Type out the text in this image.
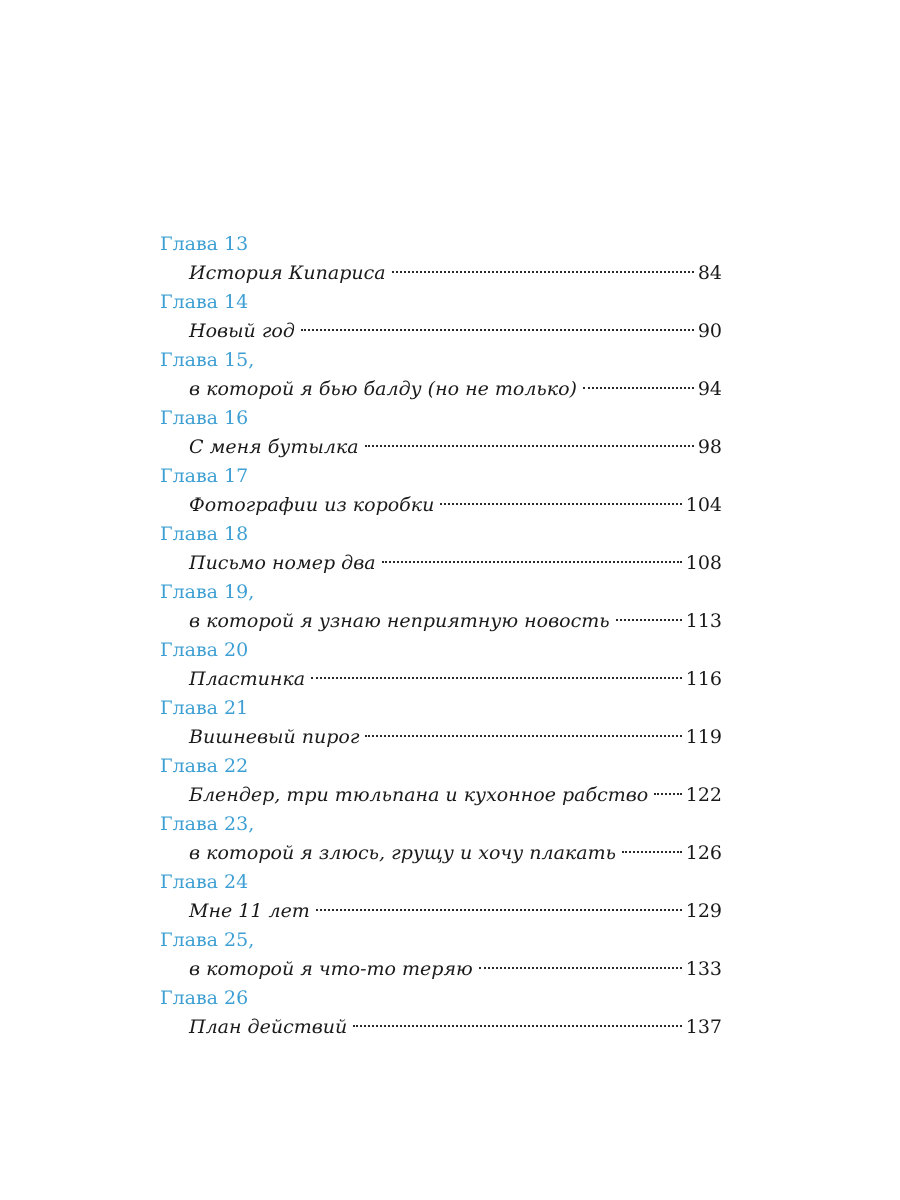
Глава 13
История Кипариса	84
Глава 14
Новый год	90
Глава 15,
в которой я бью балду (но не только)	94
Глава 16
С меня бутылка	98
Глава 17
Фотографии из коробки	104
Глава 18
Письмо номер два	108
Глава 19,
в которой я узнаю неприятную новость	113
Глава 20
Пластинка	116
Глава 21
Вишневый пирог	119
Глава 22
Блендер, три тюльпана и кухонное рабство 122
Глава 23,
в которой я злюсь, грущу и хочу плакать	126
Глава 24
Мне 11 лет	129
Глава 25,
в которой я что-то теряю	133
Глава 26
План действий	137
